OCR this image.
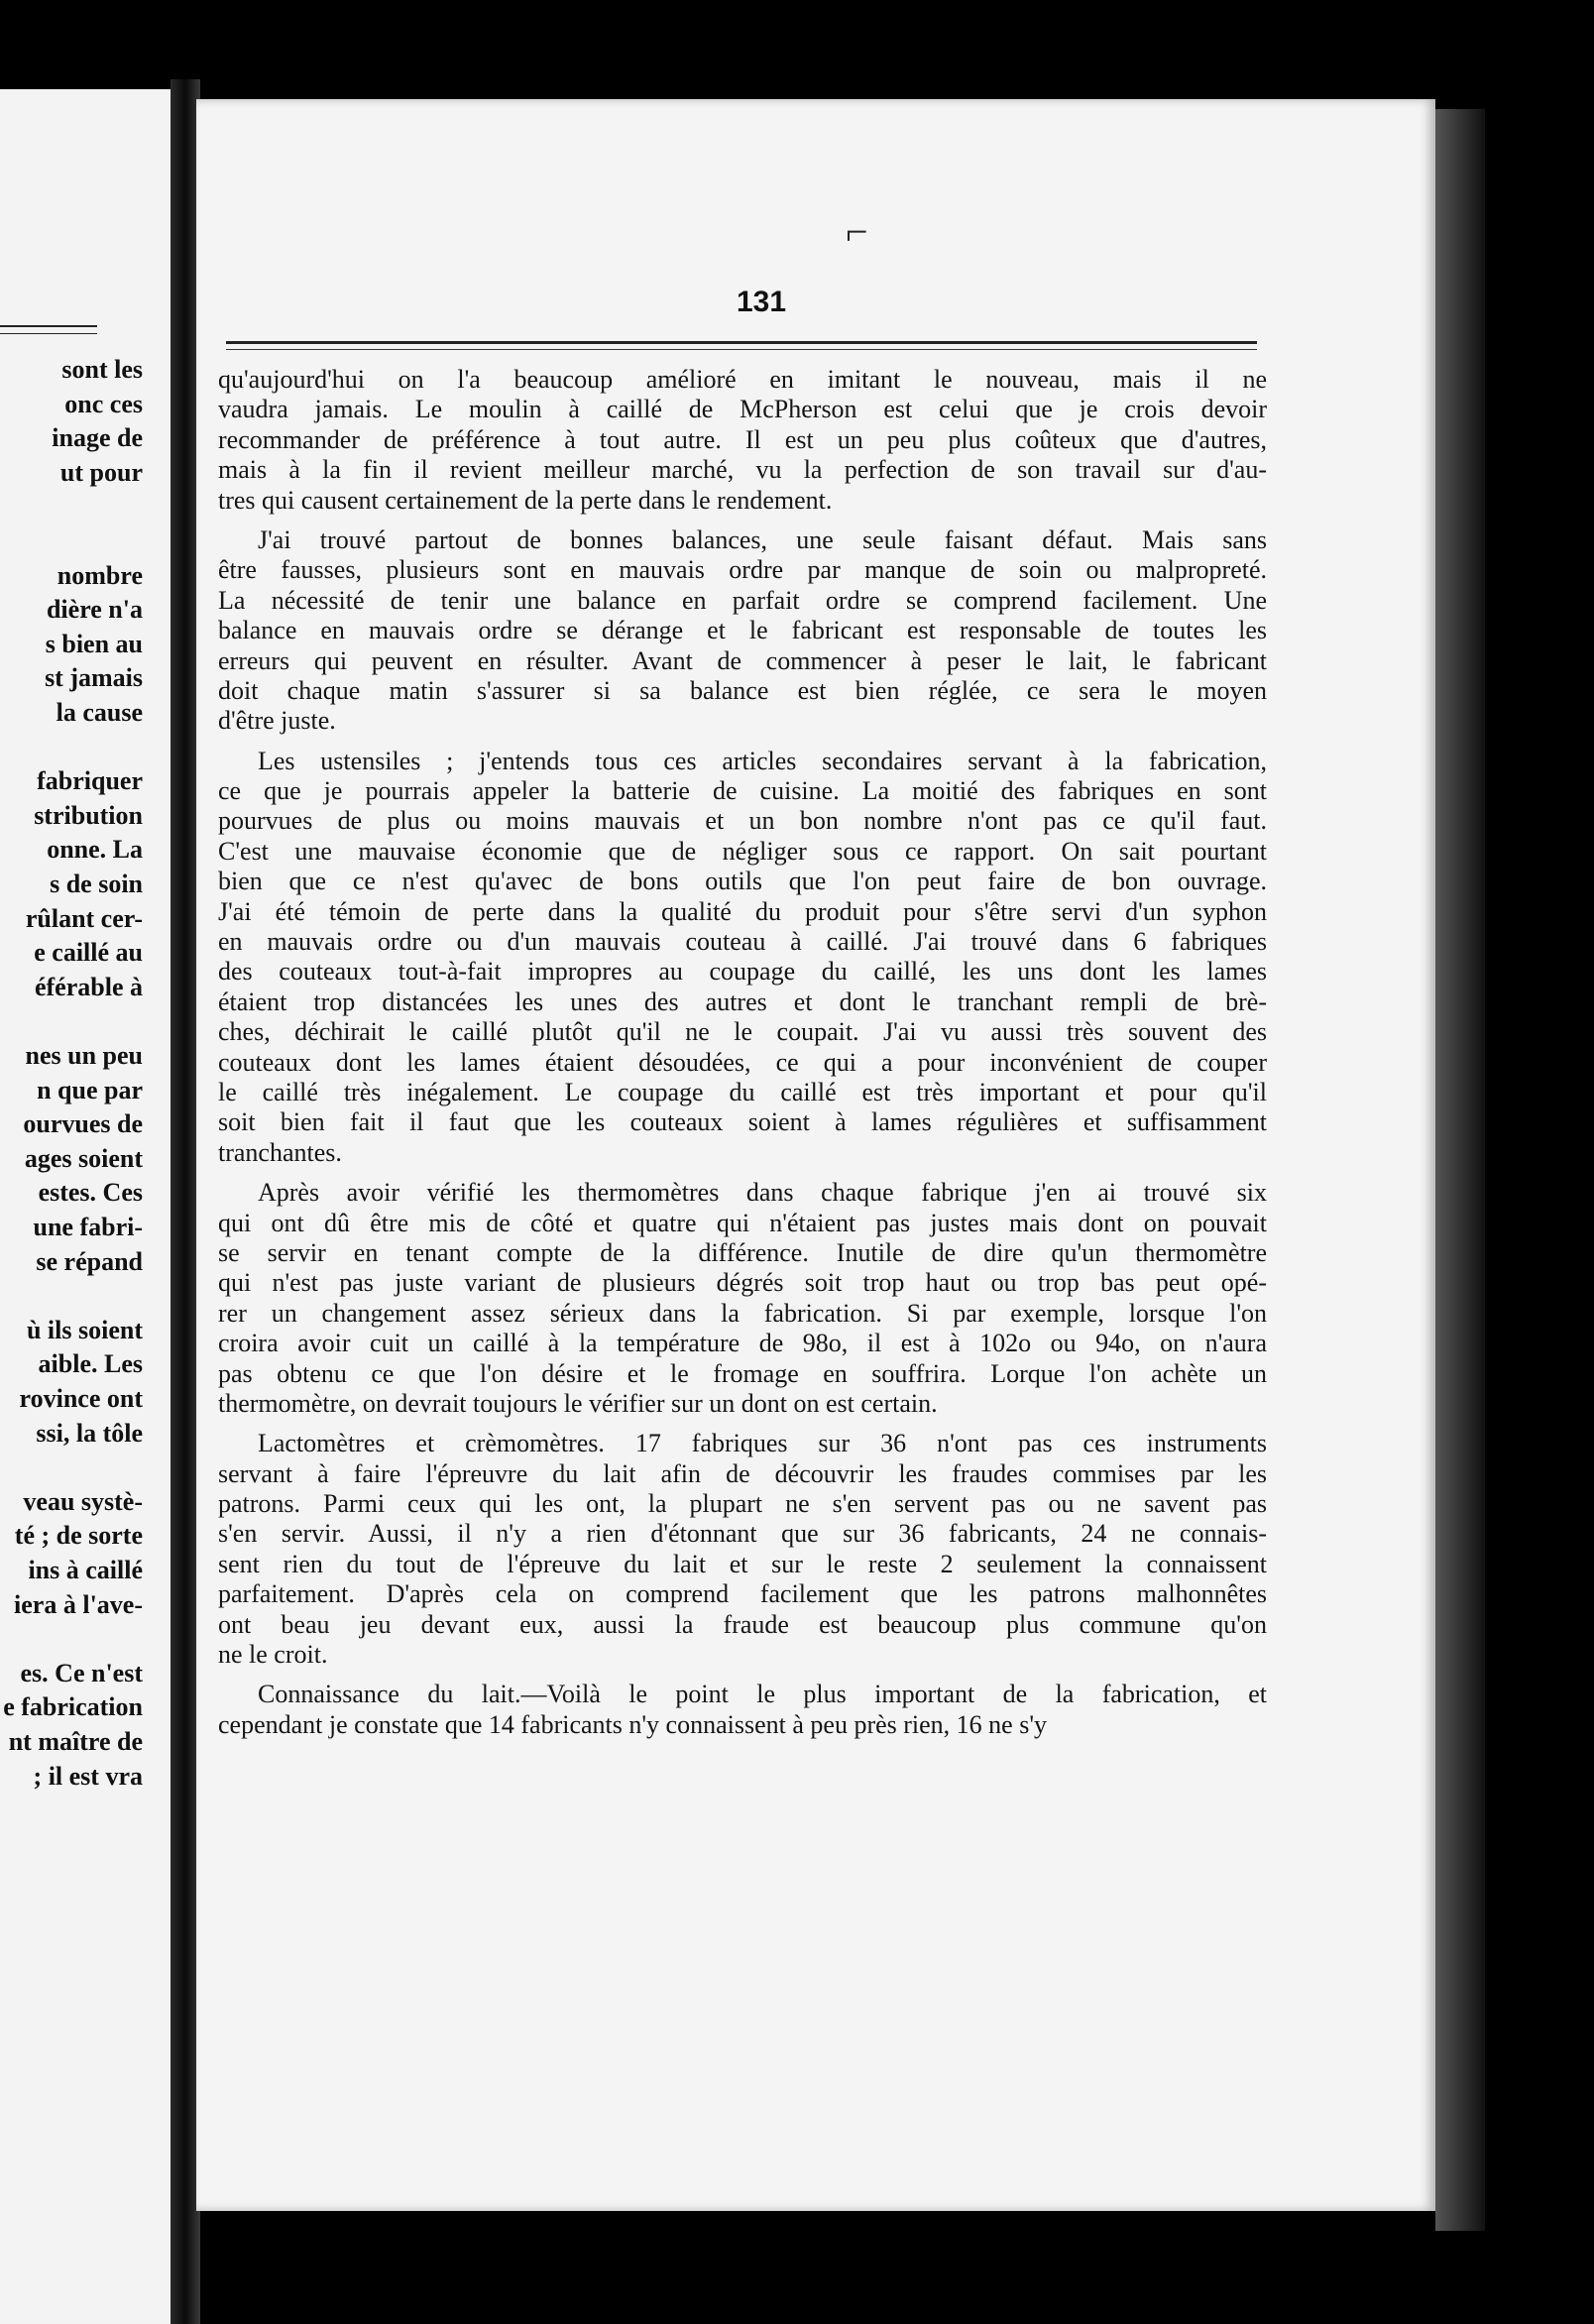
sont les
onc ces
inage de
ut pour
nombre
dière n'a
s bien au
st jamais
la cause
fabriquer
stribution
onne. La
s de soin
rûlant cer-
e caillé au
éférable à
nes un peu
n que par
ourvues de
ages soient
estes. Ces
une fabri-
se répand
ù ils soient
aible. Les
rovince ont
ssi, la tôle
veau systè-
té ; de sorte
ins à caillé
iera à l'ave-
es. Ce n'est
e fabrication
nt maître de
; il est vra
⌐
131
qu'aujourd'hui on l'a beaucoup amélioré en imitant le nouveau, mais il ne
vaudra jamais. Le moulin à caillé de McPherson est celui que je crois devoir
recommander de préférence à tout autre. Il est un peu plus coûteux que d'autres,
mais à la fin il revient meilleur marché, vu la perfection de son travail sur d'au-
tres qui causent certainement de la perte dans le rendement.
J'ai trouvé partout de bonnes balances, une seule faisant défaut. Mais sans
être fausses, plusieurs sont en mauvais ordre par manque de soin ou malpropreté.
La nécessité de tenir une balance en parfait ordre se comprend facilement. Une
balance en mauvais ordre se dérange et le fabricant est responsable de toutes les
erreurs qui peuvent en résulter. Avant de commencer à peser le lait, le fabricant
doit chaque matin s'assurer si sa balance est bien réglée, ce sera le moyen
d'être juste.
Les ustensiles ; j'entends tous ces articles secondaires servant à la fabrication,
ce que je pourrais appeler la batterie de cuisine. La moitié des fabriques en sont
pourvues de plus ou moins mauvais et un bon nombre n'ont pas ce qu'il faut.
C'est une mauvaise économie que de négliger sous ce rapport. On sait pourtant
bien que ce n'est qu'avec de bons outils que l'on peut faire de bon ouvrage.
J'ai été témoin de perte dans la qualité du produit pour s'être servi d'un syphon
en mauvais ordre ou d'un mauvais couteau à caillé. J'ai trouvé dans 6 fabriques
des couteaux tout-à-fait impropres au coupage du caillé, les uns dont les lames
étaient trop distancées les unes des autres et dont le tranchant rempli de brè-
ches, déchirait le caillé plutôt qu'il ne le coupait. J'ai vu aussi très souvent des
couteaux dont les lames étaient désoudées, ce qui a pour inconvénient de couper
le caillé très inégalement. Le coupage du caillé est très important et pour qu'il
soit bien fait il faut que les couteaux soient à lames régulières et suffisamment
tranchantes.
Après avoir vérifié les thermomètres dans chaque fabrique j'en ai trouvé six
qui ont dû être mis de côté et quatre qui n'étaient pas justes mais dont on pouvait
se servir en tenant compte de la différence. Inutile de dire qu'un thermomètre
qui n'est pas juste variant de plusieurs dégrés soit trop haut ou trop bas peut opé-
rer un changement assez sérieux dans la fabrication. Si par exemple, lorsque l'on
croira avoir cuit un caillé à la température de 98o, il est à 102o ou 94o, on n'aura
pas obtenu ce que l'on désire et le fromage en souffrira. Lorque l'on achète un
thermomètre, on devrait toujours le vérifier sur un dont on est certain.
Lactomètres et crèmomètres. 17 fabriques sur 36 n'ont pas ces instruments
servant à faire l'épreuvre du lait afin de découvrir les fraudes commises par les
patrons. Parmi ceux qui les ont, la plupart ne s'en servent pas ou ne savent pas
s'en servir. Aussi, il n'y a rien d'étonnant que sur 36 fabricants, 24 ne connais-
sent rien du tout de l'épreuve du lait et sur le reste 2 seulement la connaissent
parfaitement. D'après cela on comprend facilement que les patrons malhonnêtes
ont beau jeu devant eux, aussi la fraude est beaucoup plus commune qu'on
ne le croit.
Connaissance du lait.—Voilà le point le plus important de la fabrication, et
cependant je constate que 14 fabricants n'y connaissent à peu près rien, 16 ne s'y
